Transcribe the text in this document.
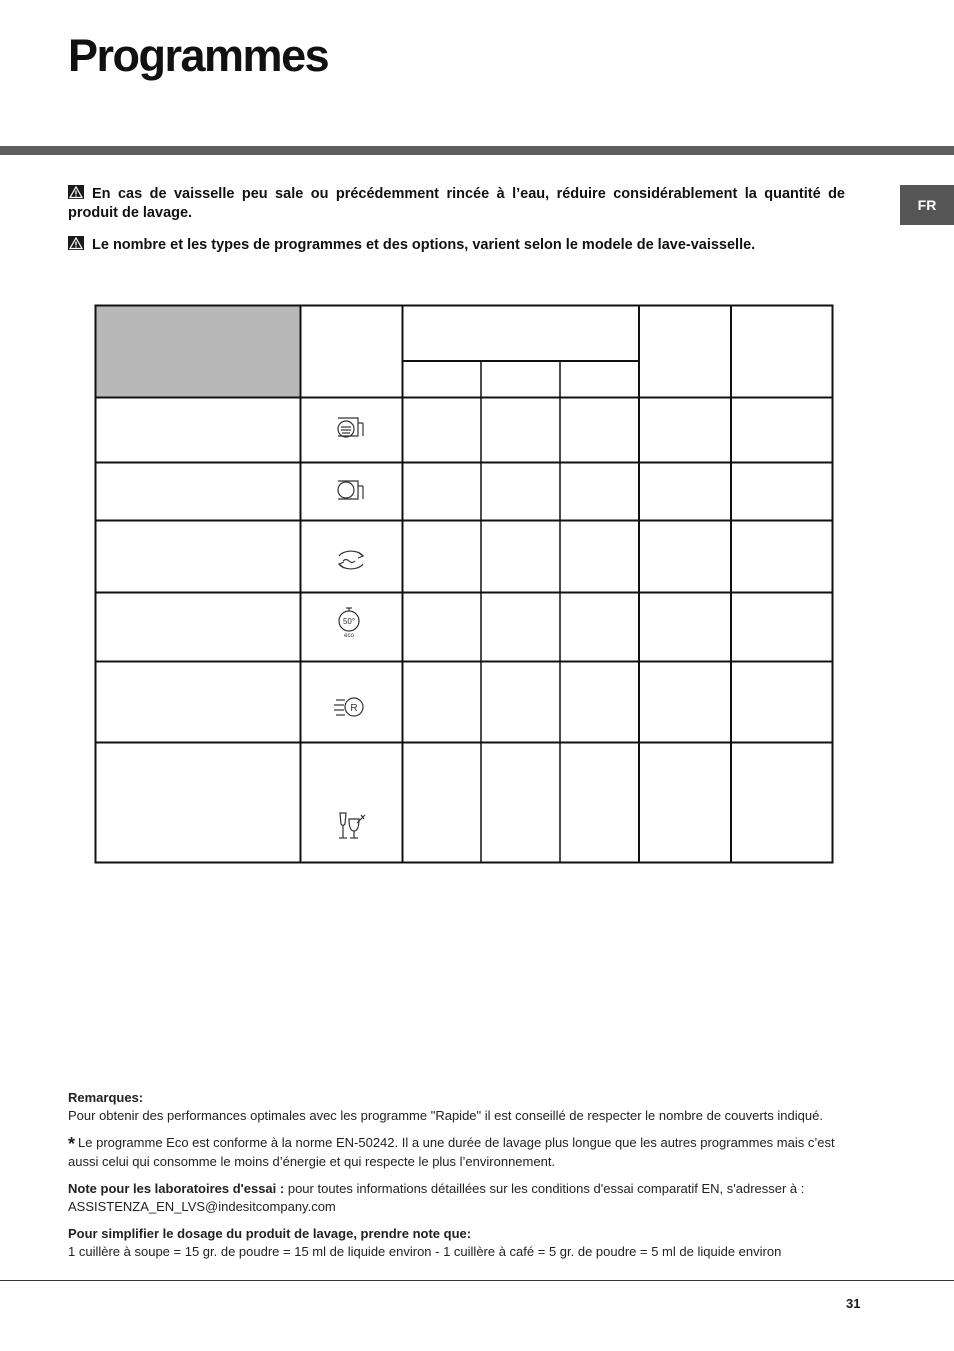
Programmes
FR
En cas de vaisselle peu sale ou précédemment rincée à l’eau, réduire considérablement la quantité de produit de lavage.
Le nombre et les types de programmes et des options, varient selon le modele de lave-vaisselle.
50°
eco
R

Remarques:
Pour obtenir des performances optimales avec les programme "Rapide" il est conseillé de respecter le nombre de couverts indiqué.

* Le programme Eco est conforme à la norme EN-50242. Il a une durée de lavage plus longue que les autres programmes mais c’est aussi celui qui consomme le moins d’énergie et qui respecte le plus l’environnement.

Note pour les laboratoires d'essai : pour toutes informations détaillées sur les conditions d'essai comparatif EN, s'adresser à : ASSISTENZA_EN_LVS@indesitcompany.com

Pour simplifier le dosage du produit de lavage, prendre note que:
1 cuillère à soupe = 15 gr. de poudre = 15 ml de liquide environ - 1 cuillère à café = 5 gr. de poudre = 5 ml de liquide environ

31
